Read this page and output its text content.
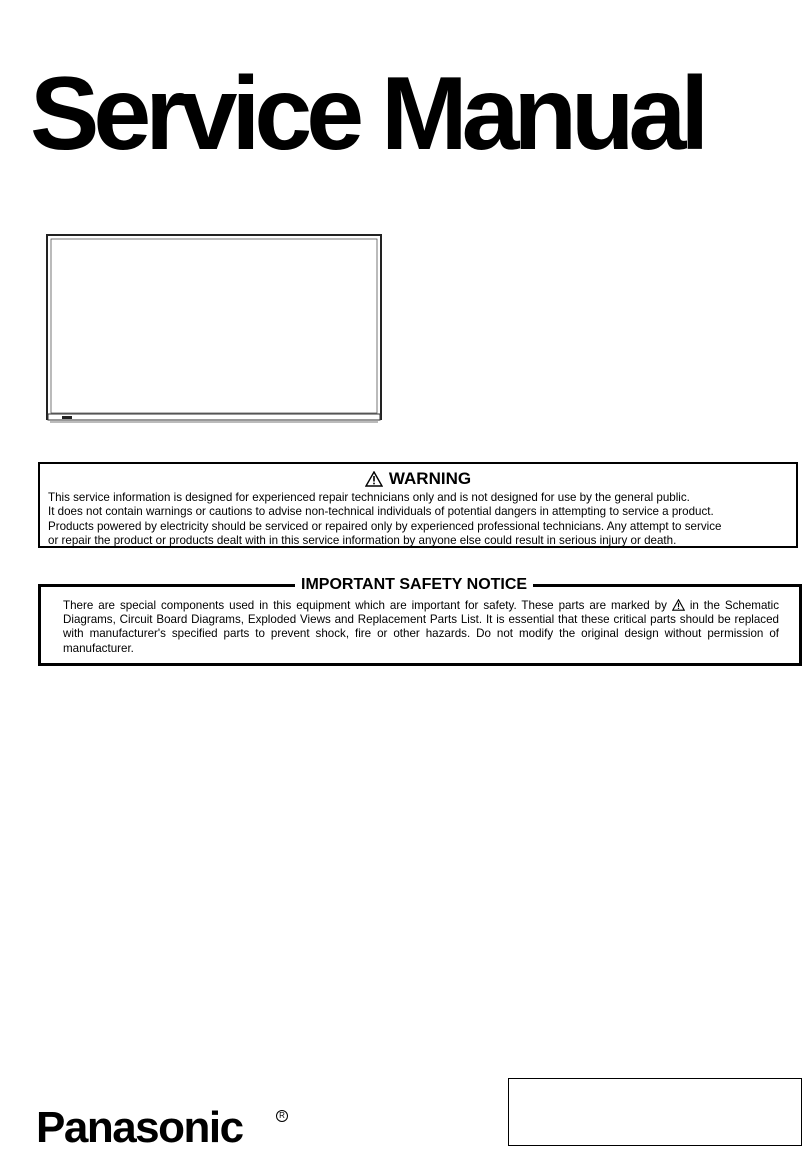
Service Manual
WARNING
This service information is designed for experienced repair technicians only and is not designed for use by the general public.
It does not contain warnings or cautions to advise non-technical individuals of potential dangers in attempting to service a product.
Products powered by electricity should be serviced or repaired only by experienced professional technicians. Any attempt to service
or repair the product or products dealt with in this service information by anyone else could result in serious injury or death.
IMPORTANT SAFETY NOTICE
There are special components used in this equipment which are important for safety. These parts are marked by  in the Schematic Diagrams, Circuit Board Diagrams, Exploded Views and Replacement Parts List. It is essential that these critical parts should be replaced with manufacturer's specified parts to prevent shock, fire or other hazards. Do not modify the original design without permission of manufacturer.
Panasonic	R
